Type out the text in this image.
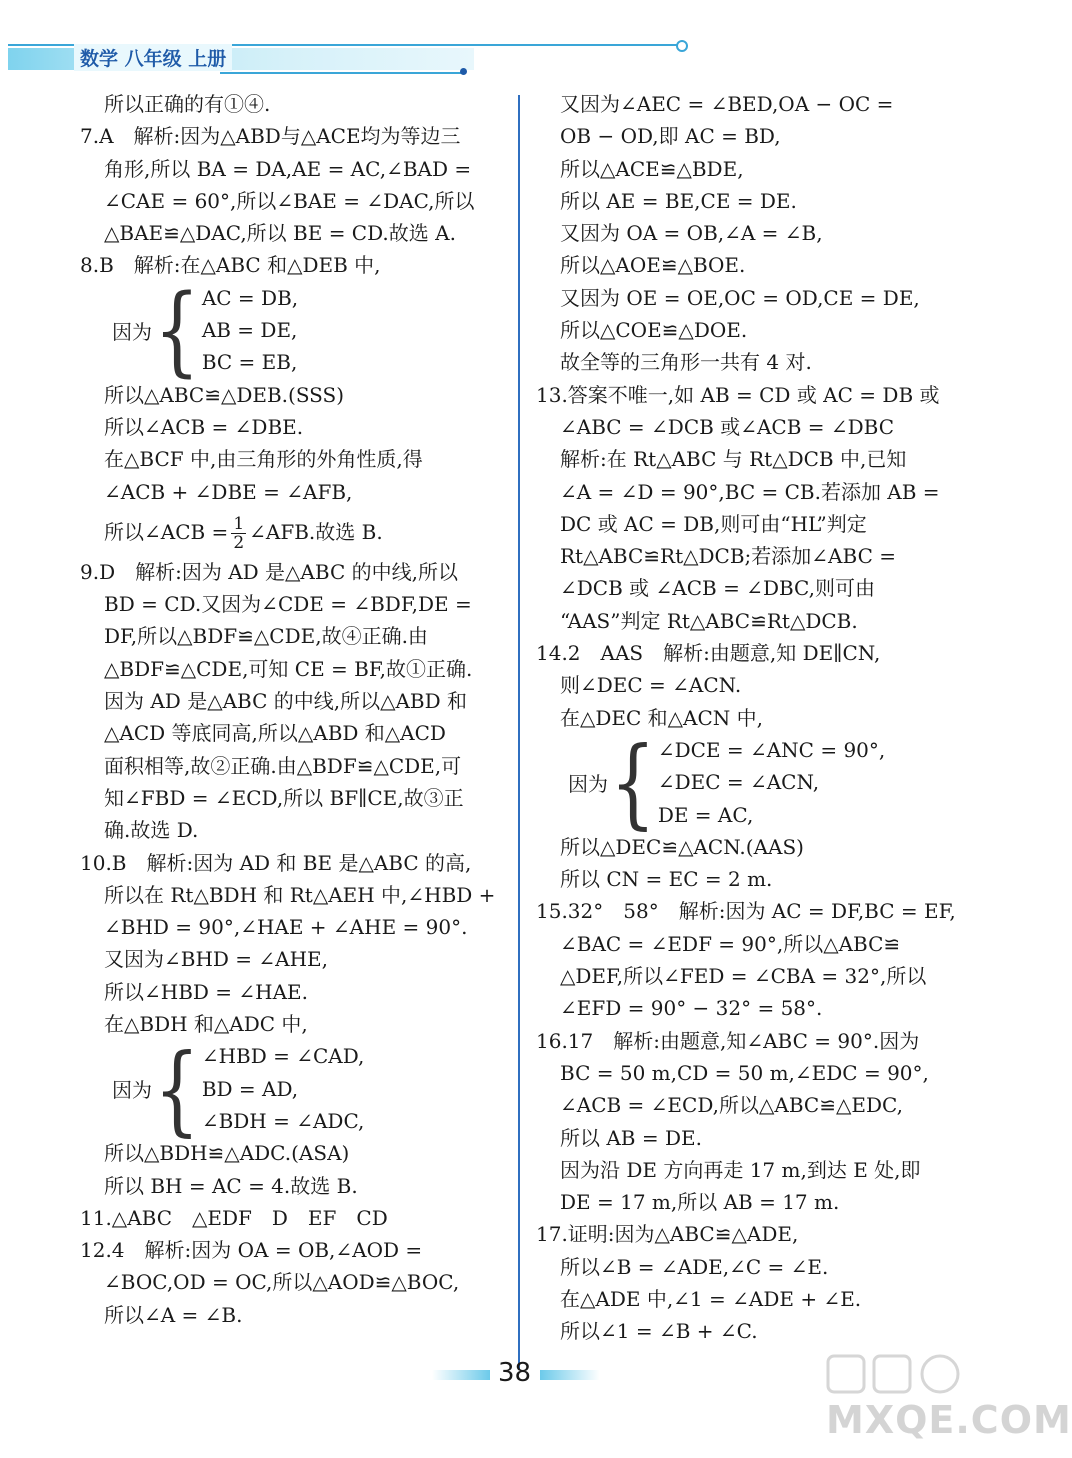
数学 八年级 上册
所以正确的有①④.
7.A　解析:因为△ABD与△ACE均为等边三
角形,所以 BA = DA,AE = AC,∠BAD =
∠CAE = 60°,所以∠BAE = ∠DAC,所以
△BAE≌△DAC,所以 BE = CD.故选 A.
8.B　解析:在△ABC 和△DEB 中,
因为 { AC = DB,
AB = DE,
BC = EB,
所以△ABC≌△DEB.(SSS)
所以∠ACB = ∠DBE.
在△BCF 中,由三角形的外角性质,得
∠ACB + ∠DBE = ∠AFB,
所以∠ACB = $\frac{1}{2}$ ∠AFB.故选 B.
9.D　解析:因为 AD 是△ABC 的中线,所以
BD = CD.又因为∠CDE = ∠BDF,DE =
DF,所以△BDF≌△CDE,故④正确.由
△BDF≌△CDE,可知 CE = BF,故①正确.
因为 AD 是△ABC 的中线,所以△ABD 和
△ACD 等底同高,所以△ABD 和△ACD
面积相等,故②正确.由△BDF≌△CDE,可
知∠FBD = ∠ECD,所以 BF∥CE,故③正
确.故选 D.
10.B　解析:因为 AD 和 BE 是△ABC 的高,
所以在 Rt△BDH 和 Rt△AEH 中,∠HBD +
∠BHD = 90°,∠HAE + ∠AHE = 90°.
又因为∠BHD = ∠AHE,
所以∠HBD = ∠HAE.
在△BDH 和△ADC 中,
因为 { ∠HBD = ∠CAD,
BD = AD,
∠BDH = ∠ADC,
所以△BDH≌△ADC.(ASA)
所以 BH = AC = 4.故选 B.
11.△ABC　△EDF　D　EF　CD
12.4　解析:因为 OA = OB,∠AOD =
∠BOC,OD = OC,所以△AOD≌△BOC,
所以∠A = ∠B.
又因为∠AEC = ∠BED,OA − OC =
OB − OD,即 AC = BD,
所以△ACE≌△BDE,
所以 AE = BE,CE = DE.
又因为 OA = OB,∠A = ∠B,
所以△AOE≌△BOE.
又因为 OE = OE,OC = OD,CE = DE,
所以△COE≌△DOE.
故全等的三角形一共有 4 对.
13.答案不唯一,如 AB = CD 或 AC = DB 或
∠ABC = ∠DCB 或∠ACB = ∠DBC
解析:在 Rt△ABC 与 Rt△DCB 中,已知
∠A = ∠D = 90°,BC = CB.若添加 AB =
DC 或 AC = DB,则可由“HL”判定
Rt△ABC≌Rt△DCB;若添加∠ABC =
∠DCB 或 ∠ACB = ∠DBC,则可由
“AAS”判定 Rt△ABC≌Rt△DCB.
14.2　AAS　解析:由题意,知 DE∥CN,
则∠DEC = ∠ACN.
在△DEC 和△ACN 中,
因为 { ∠DCE = ∠ANC = 90°,
∠DEC = ∠ACN,
DE = AC,
所以△DEC≌△ACN.(AAS)
所以 CN = EC = 2 m.
15.32°　58°　解析:因为 AC = DF,BC = EF,
∠BAC = ∠EDF = 90°,所以△ABC≌
△DEF,所以∠FED = ∠CBA = 32°,所以
∠EFD = 90° − 32° = 58°.
16.17　解析:由题意,知∠ABC = 90°.因为
BC = 50 m,CD = 50 m,∠EDC = 90°,
∠ACB = ∠ECD,所以△ABC≌△EDC,
所以 AB = DE.
因为沿 DE 方向再走 17 m,到达 E 处,即
DE = 17 m,所以 AB = 17 m.
17.证明:因为△ABC≌△ADE,
所以∠B = ∠ADE,∠C = ∠E.
在△ADE 中,∠1 = ∠ADE + ∠E.
所以∠1 = ∠B + ∠C.
38
MXQE.COM
